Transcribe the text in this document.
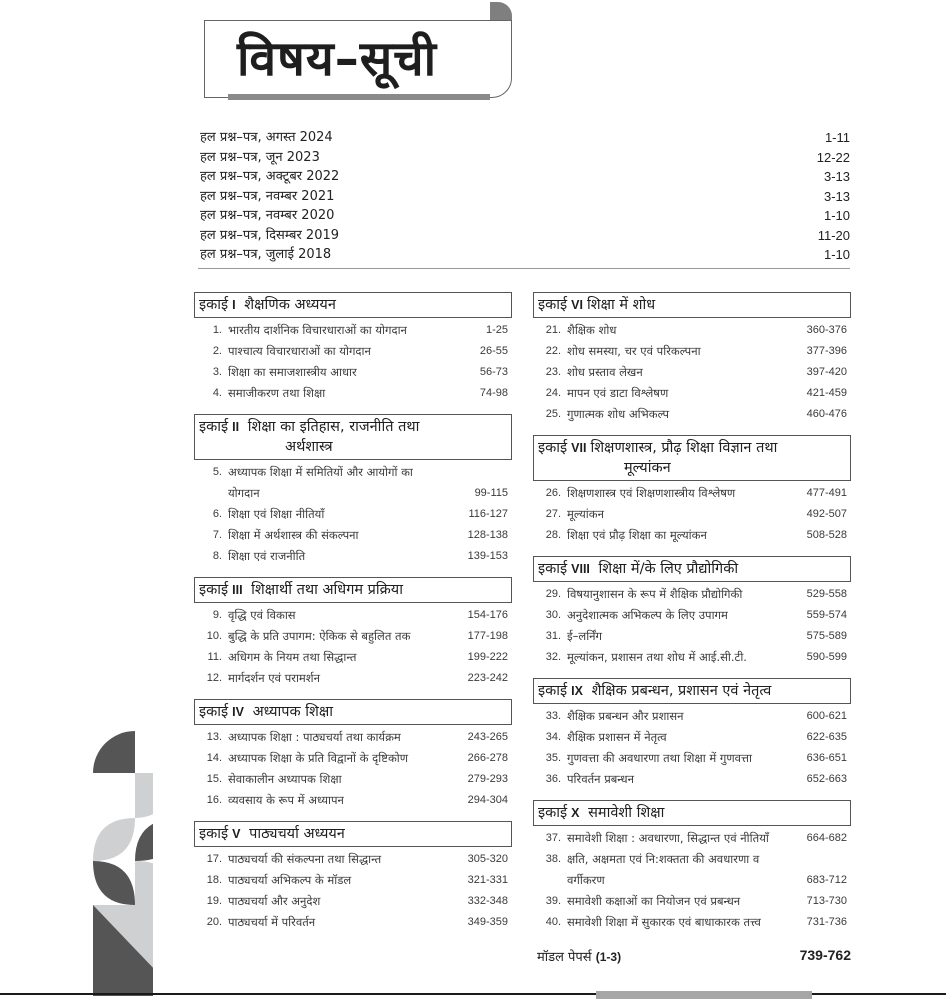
विषय–सूची
हल प्रश्न–पत्र, अगस्त 2024	1-11
हल प्रश्न–पत्र, जून 2023	12-22
हल प्रश्न–पत्र, अक्टूबर 2022	3-13
हल प्रश्न–पत्र, नवम्बर 2021	3-13
हल प्रश्न–पत्र, नवम्बर 2020	1-10
हल प्रश्न–पत्र, दिसम्बर 2019	11-20
हल प्रश्न–पत्र, जुलाई 2018	1-10
इकाई I शैक्षणिक अध्ययन
1. भारतीय दार्शनिक विचारधाराओं का योगदान	1-25
2. पाश्चात्य विचारधाराओं का योगदान	26-55
3. शिक्षा का समाजशास्त्रीय आधार	56-73
4. समाजीकरण तथा शिक्षा	74-98
इकाई II शिक्षा का इतिहास, राजनीति तथा
अर्थशास्त्र
5. अध्यापक शिक्षा में समितियों और आयोगों का योगदान	99-115
6. शिक्षा एवं शिक्षा नीतियाँ	116-127
7. शिक्षा में अर्थशास्त्र की संकल्पना	128-138
8. शिक्षा एवं राजनीति	139-153
इकाई III शिक्षार्थी तथा अधिगम प्रक्रिया
9. वृद्धि एवं विकास	154-176
10. बुद्धि के प्रति उपागम: ऐकिक से बहुलित तक	177-198
11. अधिगम के नियम तथा सिद्धान्त	199-222
12. मार्गदर्शन एवं परामर्शन	223-242
इकाई IV अध्यापक शिक्षा
13. अध्यापक शिक्षा : पाठ्यचर्या तथा कार्यक्रम	243-265
14. अध्यापक शिक्षा के प्रति विद्वानों के दृष्टिकोण	266-278
15. सेवाकालीन अध्यापक शिक्षा	279-293
16. व्यवसाय के रूप में अध्यापन	294-304
इकाई V पाठ्यचर्या अध्ययन
17. पाठ्यचर्या की संकल्पना तथा सिद्धान्त	305-320
18. पाठ्यचर्या अभिकल्प के मॉडल	321-331
19. पाठ्यचर्या और अनुदेश	332-348
20. पाठ्यचर्या में परिवर्तन	349-359
इकाई VI शिक्षा में शोध
21. शैक्षिक शोध	360-376
22. शोध समस्या, चर एवं परिकल्पना	377-396
23. शोध प्रस्ताव लेखन	397-420
24. मापन एवं डाटा विश्लेषण	421-459
25. गुणात्मक शोध अभिकल्प	460-476
इकाई VII शिक्षणशास्त्र, प्रौढ़ शिक्षा विज्ञान तथा
मूल्यांकन
26. शिक्षणशास्त्र एवं शिक्षणशास्त्रीय विश्लेषण	477-491
27. मूल्यांकन	492-507
28. शिक्षा एवं प्रौढ़ शिक्षा का मूल्यांकन	508-528
इकाई VIII शिक्षा में/के लिए प्रौद्योगिकी
29. विषयानुशासन के रूप में शैक्षिक प्रौद्योगिकी	529-558
30. अनुदेशात्मक अभिकल्प के लिए उपागम	559-574
31. ई–लर्निंग	575-589
32. मूल्यांकन, प्रशासन तथा शोध में आई.सी.टी.	590-599
इकाई IX शैक्षिक प्रबन्धन, प्रशासन एवं नेतृत्व
33. शैक्षिक प्रबन्धन और प्रशासन	600-621
34. शैक्षिक प्रशासन में नेतृत्व	622-635
35. गुणवत्ता की अवधारणा तथा शिक्षा में गुणवत्ता	636-651
36. परिवर्तन प्रबन्धन	652-663
इकाई X समावेशी शिक्षा
37. समावेशी शिक्षा : अवधारणा, सिद्धान्त एवं नीतियाँ	664-682
38. क्षति, अक्षमता एवं नि:शक्तता की अवधारणा व वर्गीकरण	683-712
39. समावेशी कक्षाओं का नियोजन एवं प्रबन्धन	713-730
40. समावेशी शिक्षा में सुकारक एवं बाधाकारक तत्त्व	731-736
मॉडल पेपर्स (1-3)	739-762
